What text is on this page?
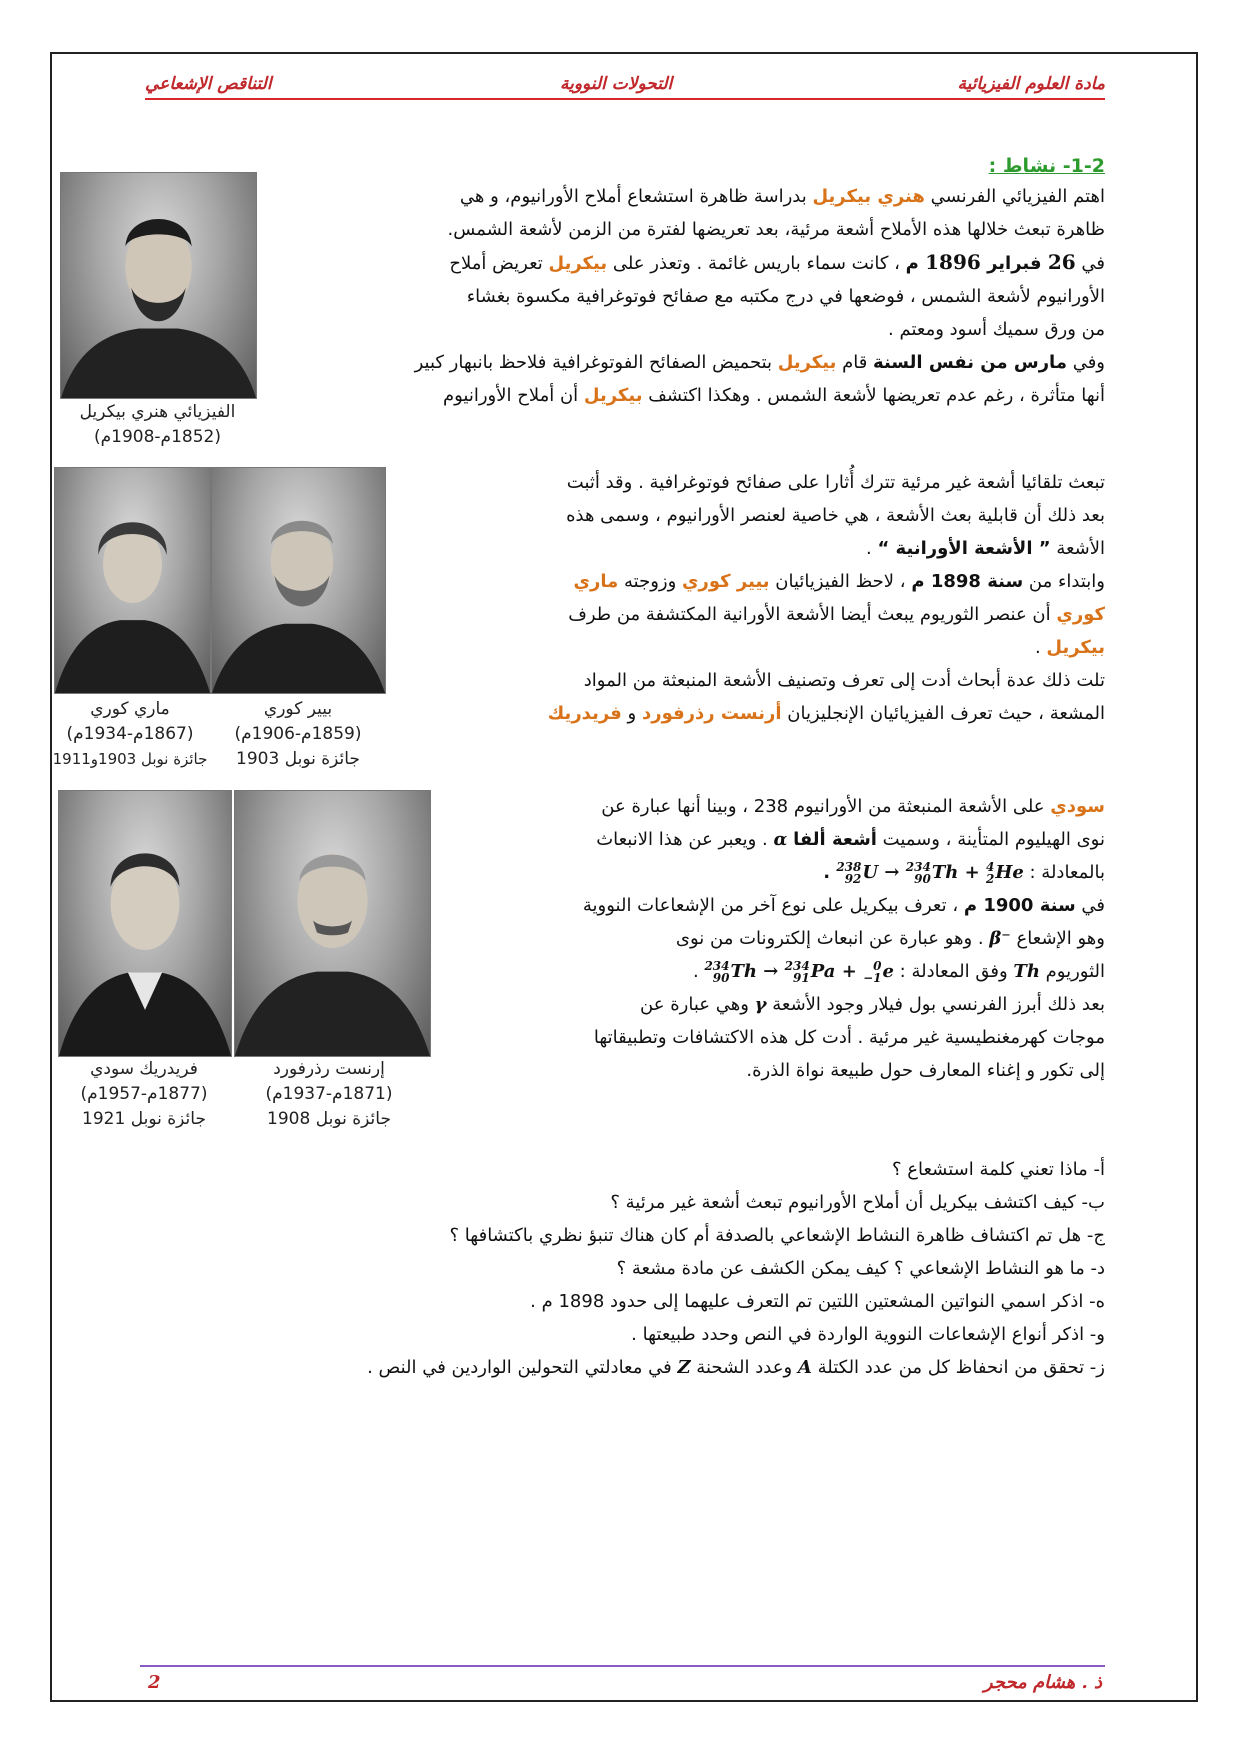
مادة العلوم الفيزيائية
التحولات النووية
التناقص الإشعاعي
1-2- نشاط :
اهتم الفيزيائي الفرنسي هنري بيكريل بدراسة ظاهرة استشعاع أملاح الأورانيوم، و هي
ظاهرة تبعث خلالها هذه الأملاح أشعة مرئية، بعد تعريضها لفترة من الزمن لأشعة الشمس.
في 26 فبراير 1896 م ، كانت سماء باريس غائمة . وتعذر على بيكريل تعريض أملاح
الأورانيوم لأشعة الشمس ، فوضعها في درج مكتبه مع صفائح فوتوغرافية مكسوة بغشاء
من ورق سميك أسود ومعتم .
وفي مارس من نفس السنة قام بيكريل بتحميض الصفائح الفوتوغرافية فلاحظ بانبهار كبير
أنها متأثرة ، رغم عدم تعريضها لأشعة الشمس . وهكذا اكتشف بيكريل أن أملاح الأورانيوم
تبعث تلقائيا أشعة غير مرئية تترك أُثارا على صفائح فوتوغرافية . وقد أثبت
بعد ذلك أن قابلية بعث الأشعة ، هي خاصية لعنصر الأورانيوم ، وسمى هذه
الأشعة ” الأشعة الأورانية “ .
وابتداء من سنة 1898 م ، لاحظ الفيزيائيان بيير كوري وزوجته ماري
كوري أن عنصر الثوريوم يبعث أيضا الأشعة الأورانية المكتشفة من طرف
بيكريل .
تلت ذلك عدة أبحاث أدت إلى تعرف وتصنيف الأشعة المنبعثة من المواد
المشعة ، حيث تعرف الفيزيائيان الإنجليزيان أرنست رذرفورد و فريدريك
سودي على الأشعة المنبعثة من الأورانيوم 238 ، وبينا أنها عبارة عن
نوى الهيليوم المتأينة ، وسميت أشعة ألفا α . ويعبر عن هذا الانبعاث
بالمعادلة :
238
92 U → 234
90 Th + 4
2 He .
في سنة 1900 م ، تعرف بيكريل على نوع آخر من الإشعاعات النووية
وهو الإشعاع β⁻ . وهو عبارة عن انبعاث إلكترونات من نوى
الثوريوم Th وفق المعادلة :
234
90 Th → 234
91 Pa +	0
−1 e .
بعد ذلك أبرز الفرنسي بول فيلار وجود الأشعة γ وهي عبارة عن
موجات كهرمغنطيسية غير مرئية . أدت كل هذه الاكتشافات وتطبيقاتها
إلى تكور و إغناء المعارف حول طبيعة نواة الذرة.
أ- ماذا تعني كلمة استشعاع ؟
ب- كيف اكتشف بيكريل أن أملاح الأورانيوم تبعث أشعة غير مرئية ؟
ج- هل تم اكتشاف ظاهرة النشاط الإشعاعي بالصدفة أم كان هناك تنبؤ نظري باكتشافها ؟
د- ما هو النشاط الإشعاعي ؟ كيف يمكن الكشف عن مادة مشعة ؟
ه- اذكر اسمي النواتين المشعتين اللتين تم التعرف عليهما إلى حدود 1898 م .
و- اذكر أنواع الإشعاعات النووية الواردة في النص وحدد طبيعتها .
ز- تحقق من انحفاظ كل من عدد الكتلة A وعدد الشحنة Z في معادلتي التحولين الواردين في النص .
الفيزيائي هنري بيكريل
(1852م-1908م)
ماري كوري
(1867م-1934م)
جائزة نوبل 1903و1911
بيير كوري
(1859م-1906م)
جائزة نوبل 1903
فريدريك سودي
(1877م-1957م)
جائزة نوبل 1921
إرنست رذرفورد
(1871م-1937م)
جائزة نوبل 1908
ذ . هشام محجر
2
